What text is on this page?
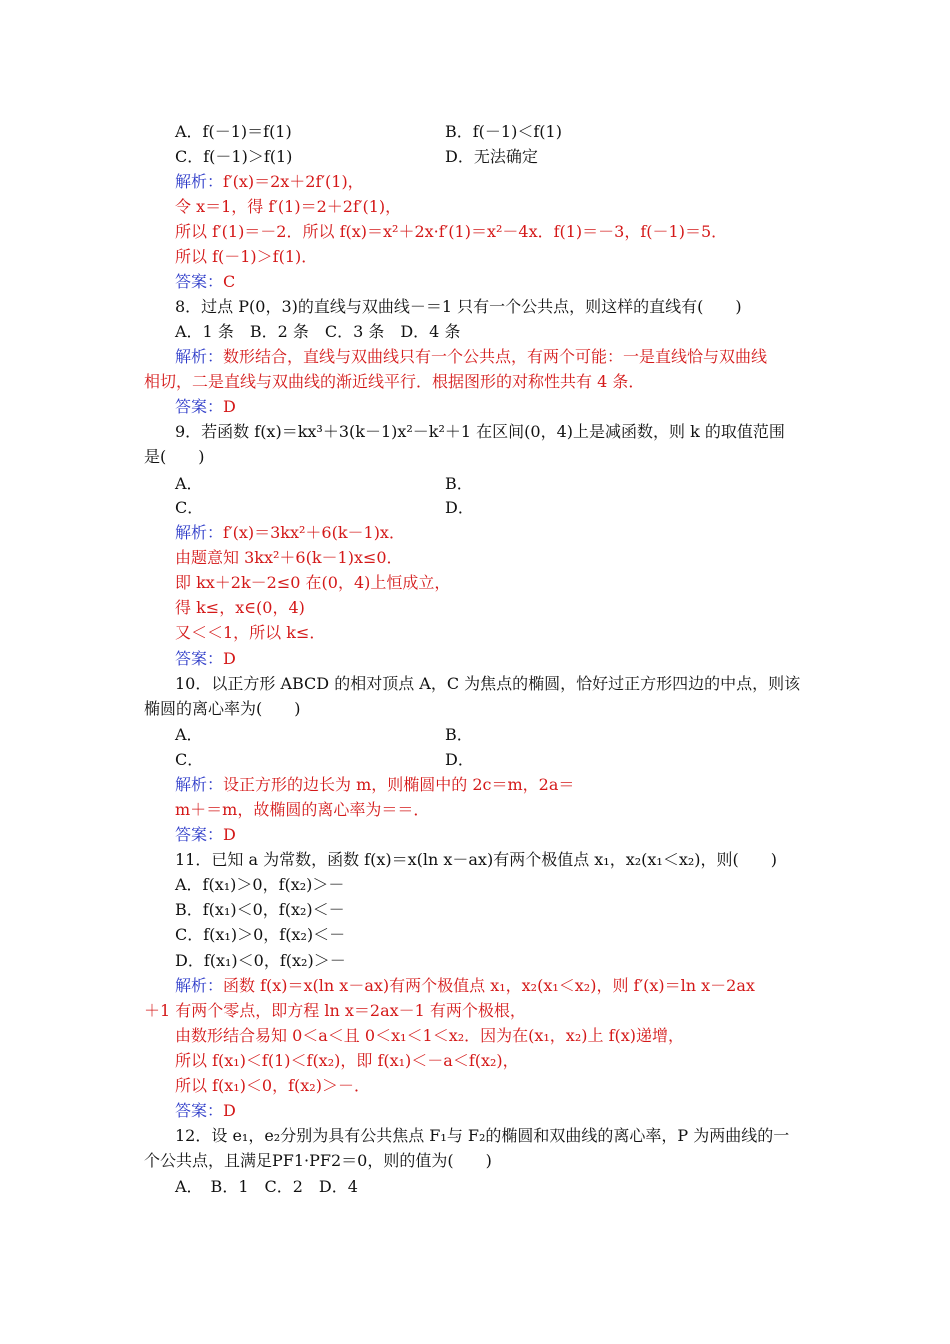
A．f(－1)＝f(1)	B．f(－1)＜f(1)
C．f(－1)＞f(1)	D．无法确定
解析：f′(x)＝2x＋2f′(1)，
令 x＝1，得 f′(1)＝2＋2f′(1)，
所以 f′(1)＝－2．所以 f(x)＝x²＋2x·f′(1)＝x²－4x．f(1)＝－3，f(－1)＝5．
所以 f(－1)＞f(1)．
答案：C
8．过点 P(0，3)的直线与双曲线－＝1 只有一个公共点，则这样的直线有(　　)
A．1 条　B．2 条　C．3 条　D．4 条
解析：数形结合，直线与双曲线只有一个公共点，有两个可能：一是直线恰与双曲线
相切，二是直线与双曲线的渐近线平行．根据图形的对称性共有 4 条．
答案：D
9．若函数 f(x)＝kx³＋3(k－1)x²－k²＋1 在区间(0，4)上是减函数，则 k 的取值范围
是(　　)
A．	B．
C．	D．
解析：f′(x)＝3kx²＋6(k－1)x．
由题意知 3kx²＋6(k－1)x≤0．
即 kx＋2k－2≤0 在(0，4)上恒成立，
得 k≤，x∈(0，4)
又＜＜1，所以 k≤．
答案：D
10．以正方形 ABCD 的相对顶点 A，C 为焦点的椭圆，恰好过正方形四边的中点，则该
椭圆的离心率为(　　)
A．	B．
C．	D．
解析：设正方形的边长为 m，则椭圆中的 2c＝m，2a＝
m＋＝m，故椭圆的离心率为＝＝．
答案：D
11．已知 a 为常数，函数 f(x)＝x(ln x－ax)有两个极值点 x₁，x₂(x₁＜x₂)，则(　　)
A．f(x₁)＞0，f(x₂)＞－
B．f(x₁)＜0，f(x₂)＜－
C．f(x₁)＞0，f(x₂)＜－
D．f(x₁)＜0，f(x₂)＞－
解析：函数 f(x)＝x(ln x－ax)有两个极值点 x₁，x₂(x₁＜x₂)，则 f′(x)＝ln x－2ax
＋1 有两个零点，即方程 ln x＝2ax－1 有两个极根，
由数形结合易知 0＜a＜且 0＜x₁＜1＜x₂．因为在(x₁，x₂)上 f(x)递增，
所以 f(x₁)＜f(1)＜f(x₂)，即 f(x₁)＜－a＜f(x₂)，
所以 f(x₁)＜0，f(x₂)＞－．
答案：D
12．设 e₁，e₂分别为具有公共焦点 F₁与 F₂的椭圆和双曲线的离心率，P 为两曲线的一
个公共点，且满足PF1·PF2＝0，则的值为(　　)
A．　B．1　C．2　D．4
